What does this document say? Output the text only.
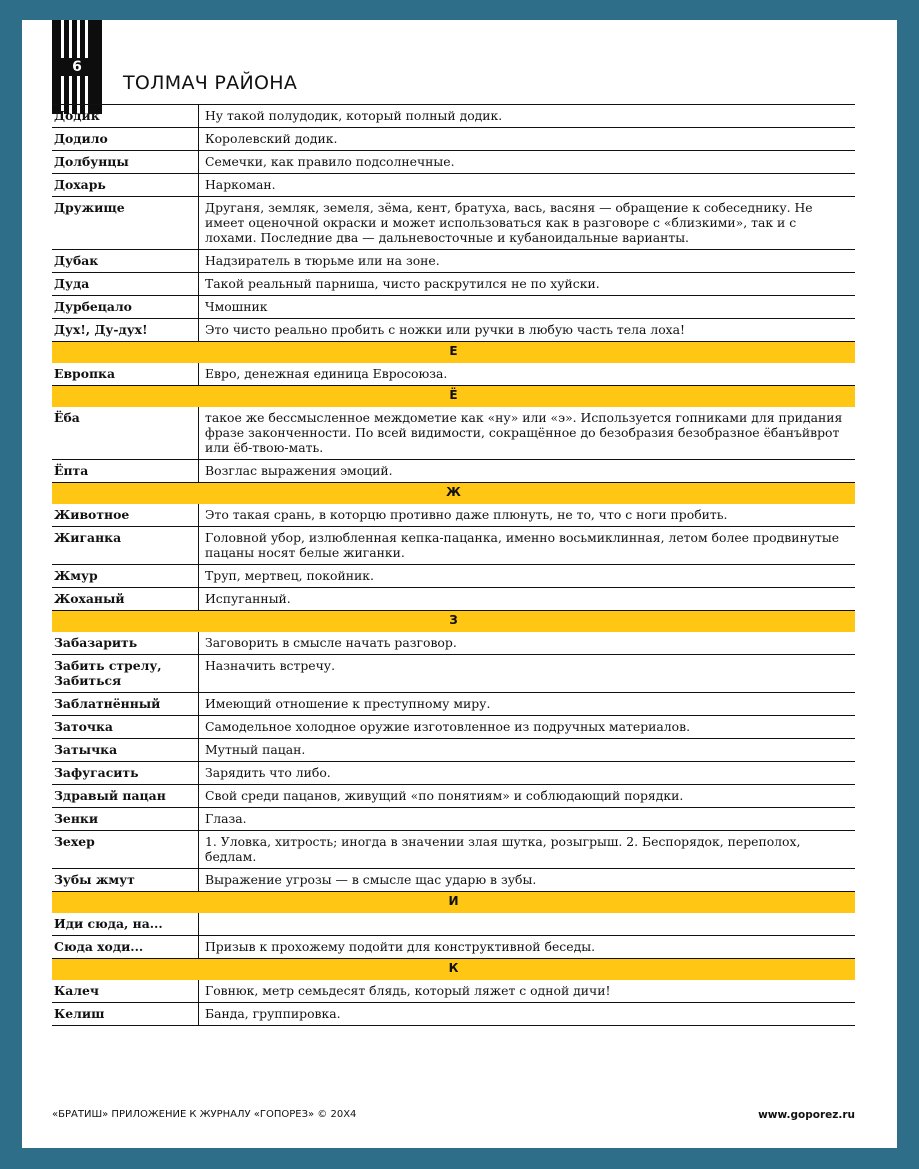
6
ТОЛМАЧ РАЙОНА
Додик	Ну такой полудодик, который полный додик.
Додило	Королевский додик.
Долбунцы	Семечки, как правило подсолнечные.
Дохарь	Наркоман.
Дружище	Друганя, земляк, земеля, зёма, кент, братуха, вась, васяня — обращение к собеседнику. Не имеет оценочной окраски и может использоваться как в разговоре с «близкими», так и с лохами. Последние два — дальневосточные и кубаноидальные варианты.
Дубак	Надзиратель в тюрьме или на зоне.
Дуда	Такой реальный парниша, чисто раскрутился не по хуйски.
Дурбецало	Чмошник
Дух!, Ду-дух!	Это чисто реально пробить с ножки или ручки в любую часть тела лоха!
Е	
Европка	Евро, денежная единица Евросоюза.
Ё	
Ёба	такое же бессмысленное междометие как «ну» или «э». Используется гопниками для придания фразе законченности. По всей видимости, сокращённое до безобразия безобразное ёбанъйврот или ёб-твою-мать.
Ёпта	Возглас выражения эмоций.
Ж	
Животное	Это такая срань, в которцю противно даже плюнуть, не то, что с ноги пробить.
Жиганка	Головной убор, излюбленная кепка-пацанка, именно восьмиклинная, летом более продвинутые пацаны носят белые жиганки.
Жмур	Труп, мертвец, покойник.
Жоханый	Испуганный.
З	
Забазарить	Заговорить в смысле начать разговор.
Забить стрелу, Забиться	Назначить встречу.
Заблатнённый	Имеющий отношение к преступному миру.
Заточка	Самодельное холодное оружие изготовленное из подручных материалов.
Затычка	Мутный пацан.
Зафугасить	Зарядить что либо.
Здравый пацан	Свой среди пацанов, живущий «по понятиям» и соблюдающий порядки.
Зенки	Глаза.
Зехер	1. Уловка, хитрость; иногда в значении злая шутка, розыгрыш. 2. Беспорядок, переполох, бедлам.
Зубы жмут	Выражение угрозы — в смысле щас ударю в зубы.
И	
Иди сюда, на...	
Сюда ходи...	Призыв к прохожему подойти для конструктивной беседы.
К	
Калеч	Говнюк, метр семьдесят блядь, который ляжет с одной дичи!
Келиш	Банда, группировка.
«БРАТИШ» ПРИЛОЖЕНИЕ К ЖУРНАЛУ «ГОПОРЕЗ» © 20Х4	www.goporez.ru
